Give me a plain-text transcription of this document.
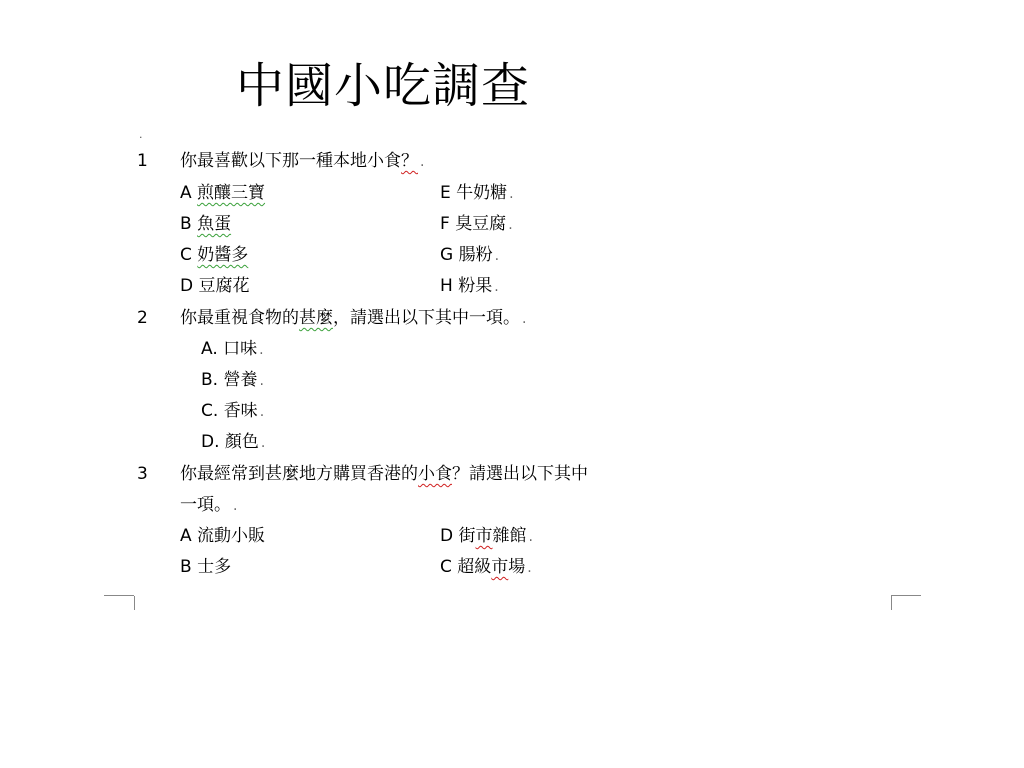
中國小吃調查
.
1 你最喜歡以下那一種本地小食？ .
A 煎釀三寶	E 牛奶糖 .
B 魚蛋	F 臭豆腐 .
C 奶醬多	G 腸粉 .
D 豆腐花	H 粉果 .
2 你最重視食物的甚麼，請選出以下其中一項。 .
A. 口味 .
B. 營養 .
C. 香味 .
D. 顏色 .
3 你最經常到甚麼地方購買香港的小食？請選出以下其中
一項。 .
A 流動小販	D 街市雜館 .
B 士多	C 超級市場 .
